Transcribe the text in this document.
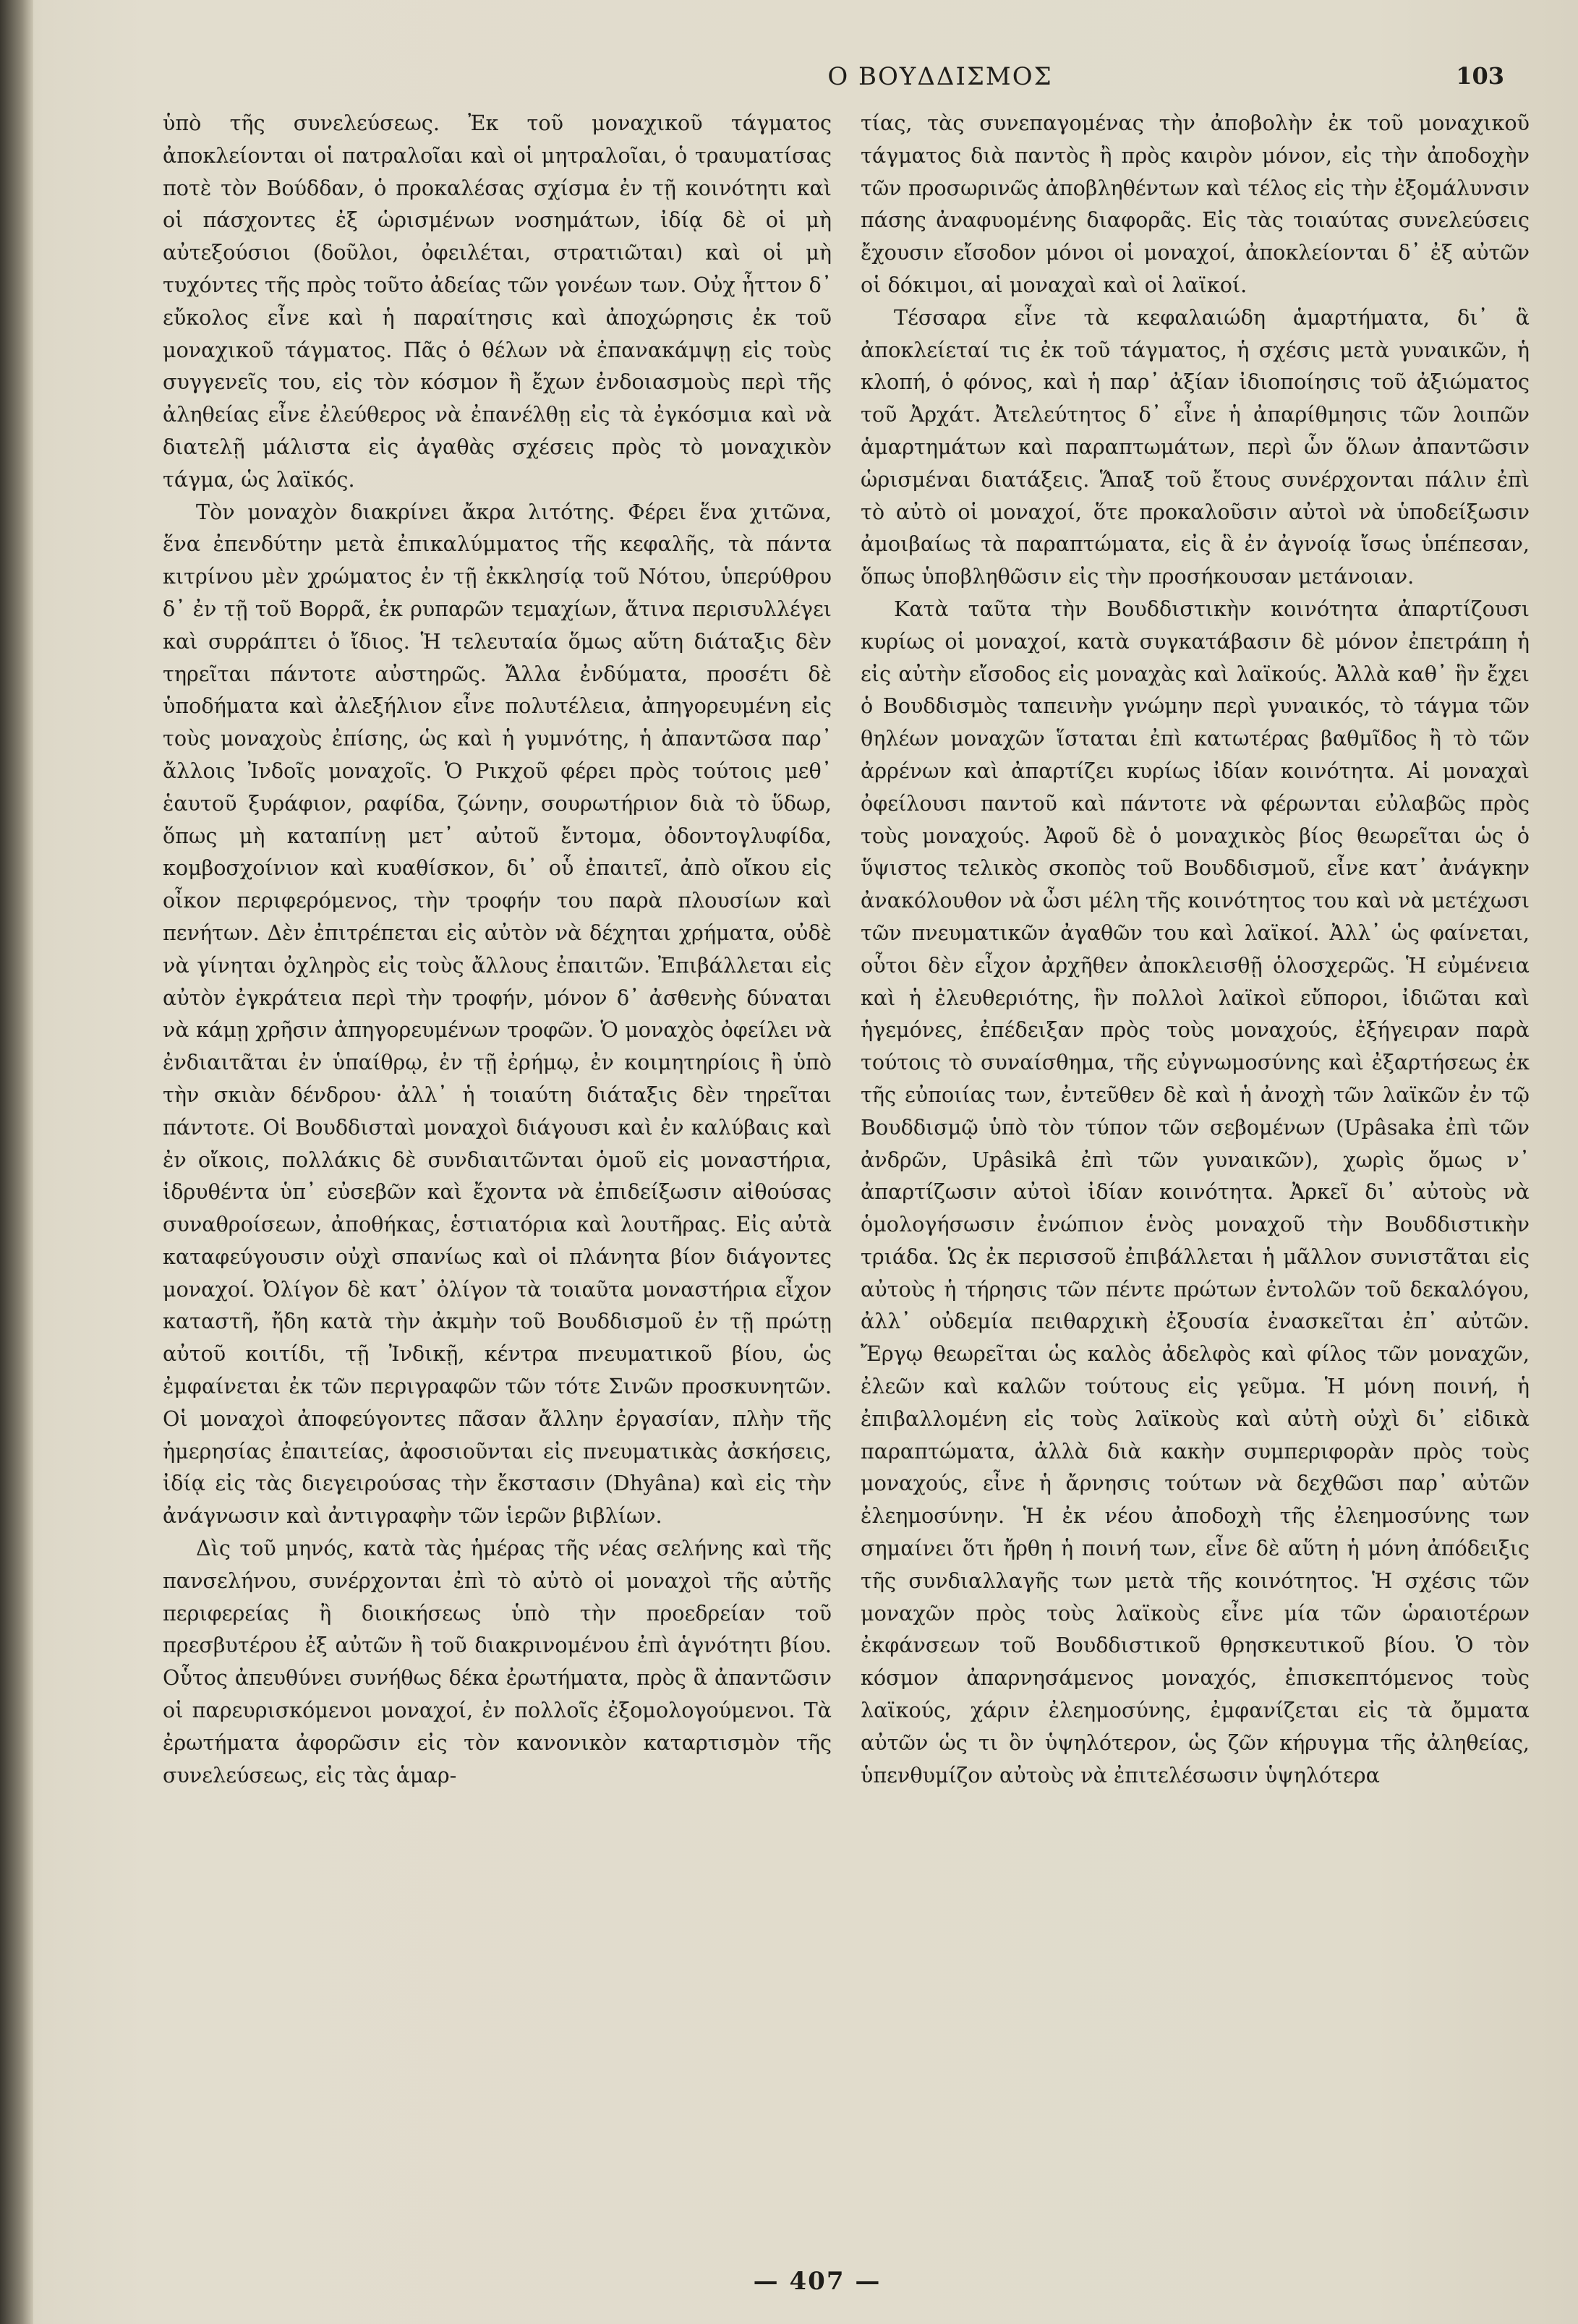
Ο ΒΟΥΔΔΙΣΜΟΣ	103

ὑπὸ τῆς συνελεύσεως. Ἐκ τοῦ μοναχικοῦ τάγματος ἀποκλείονται οἱ πατραλοῖαι καὶ οἱ μητραλοῖαι, ὁ τραυματίσας ποτὲ τὸν Βούδδαν, ὁ προκαλέσας σχίσμα ἐν τῇ κοινότητι καὶ οἱ πάσχοντες ἐξ ὡρισμένων νοσημάτων, ἰδίᾳ δὲ οἱ μὴ αὐτεξούσιοι (δοῦλοι, ὀφειλέται, στρατιῶται) καὶ οἱ μὴ τυχόντες τῆς πρὸς τοῦτο ἀδείας τῶν γονέων των. Οὐχ ἧττον δ᾽ εὔκολος εἶνε καὶ ἡ παραίτησις καὶ ἀποχώρησις ἐκ τοῦ μοναχικοῦ τάγματος. Πᾶς ὁ θέλων νὰ ἐπανακάμψῃ εἰς τοὺς συγγενεῖς του, εἰς τὸν κόσμον ἢ ἔχων ἐνδοιασμοὺς περὶ τῆς ἀληθείας εἶνε ἐλεύθερος νὰ ἐπανέλθῃ εἰς τὰ ἐγκόσμια καὶ νὰ διατελῇ μάλιστα εἰς ἀγαθὰς σχέσεις πρὸς τὸ μοναχικὸν τάγμα, ὡς λαϊκός.

Τὸν μοναχὸν διακρίνει ἄκρα λιτότης. Φέρει ἕνα χιτῶνα, ἕνα ἐπενδύτην μετὰ ἐπικαλύμματος τῆς κεφαλῆς, τὰ πάντα κιτρίνου μὲν χρώματος ἐν τῇ ἐκκλησίᾳ τοῦ Νότου, ὑπερύθρου δ᾽ ἐν τῇ τοῦ Βορρᾶ, ἐκ ρυπαρῶν τεμαχίων, ἅτινα περισυλλέγει καὶ συρράπτει ὁ ἴδιος. Ἡ τελευταία ὅμως αὕτη διάταξις δὲν τηρεῖται πάντοτε αὐστηρῶς. Ἄλλα ἐνδύματα, προσέτι δὲ ὑποδήματα καὶ ἀλεξήλιον εἶνε πολυτέλεια, ἀπηγορευμένη εἰς τοὺς μοναχοὺς ἐπίσης, ὡς καὶ ἡ γυμνότης, ἡ ἀπαντῶσα παρ᾽ ἄλλοις Ἰνδοῖς μοναχοῖς. Ὁ Ρικχοῦ φέρει πρὸς τούτοις μεθ᾽ ἑαυτοῦ ξυράφιον, ραφίδα, ζώνην, σουρωτήριον διὰ τὸ ὕδωρ, ὅπως μὴ καταπίνῃ μετ᾽ αὐτοῦ ἔντομα, ὀδοντογλυφίδα, κομβοσχοίνιον καὶ κυαθίσκον, δι᾽ οὗ ἐπαιτεῖ, ἀπὸ οἴκου εἰς οἶκον περιφερόμενος, τὴν τροφήν του παρὰ πλουσίων καὶ πενήτων. Δὲν ἐπιτρέπεται εἰς αὐτὸν νὰ δέχηται χρήματα, οὐδὲ νὰ γίνηται ὀχληρὸς εἰς τοὺς ἄλλους ἐπαιτῶν. Ἐπιβάλλεται εἰς αὐτὸν ἐγκράτεια περὶ τὴν τροφήν, μόνον δ᾽ ἀσθενὴς δύναται νὰ κάμῃ χρῆσιν ἀπηγορευμένων τροφῶν. Ὁ μοναχὸς ὀφείλει νὰ ἐνδιαιτᾶται ἐν ὑπαίθρῳ, ἐν τῇ ἐρήμῳ, ἐν κοιμητηρίοις ἢ ὑπὸ τὴν σκιὰν δένδρου· ἀλλ᾽ ἡ τοιαύτη διάταξις δὲν τηρεῖται πάντοτε. Οἱ Βουδδισταὶ μοναχοὶ διάγουσι καὶ ἐν καλύβαις καὶ ἐν οἴκοις, πολλάκις δὲ συνδιαιτῶνται ὁμοῦ εἰς μοναστήρια, ἱδρυθέντα ὑπ᾽ εὐσεβῶν καὶ ἔχοντα νὰ ἐπιδείξωσιν αἰθούσας συναθροίσεων, ἀποθήκας, ἑστιατόρια καὶ λουτῆρας. Εἰς αὐτὰ καταφεύγουσιν οὐχὶ σπανίως καὶ οἱ πλάνητα βίον διάγοντες μοναχοί. Ὀλίγον δὲ κατ᾽ ὀλίγον τὰ τοιαῦτα μοναστήρια εἶχον καταστῆ, ἤδη κατὰ τὴν ἀκμὴν τοῦ Βουδδισμοῦ ἐν τῇ πρώτῃ αὐτοῦ κοιτίδι, τῇ Ἰνδικῇ, κέντρα πνευματικοῦ βίου, ὡς ἐμφαίνεται ἐκ τῶν περιγραφῶν τῶν τότε Σινῶν προσκυνητῶν. Οἱ μοναχοὶ ἀποφεύγοντες πᾶσαν ἄλλην ἐργασίαν, πλὴν τῆς ἡμερησίας ἐπαιτείας, ἀφοσιοῦνται εἰς πνευματικὰς ἀσκήσεις, ἰδίᾳ εἰς τὰς διεγειρούσας τὴν ἔκστασιν (Dhyâna) καὶ εἰς τὴν ἀνάγνωσιν καὶ ἀντιγραφὴν τῶν ἱερῶν βιβλίων.

Δὶς τοῦ μηνός, κατὰ τὰς ἡμέρας τῆς νέας σελήνης καὶ τῆς πανσελήνου, συνέρχονται ἐπὶ τὸ αὐτὸ οἱ μοναχοὶ τῆς αὐτῆς περιφερείας ἢ διοικήσεως ὑπὸ τὴν προεδρείαν τοῦ πρεσβυτέρου ἐξ αὐτῶν ἢ τοῦ διακρινομένου ἐπὶ ἁγνότητι βίου. Οὗτος ἀπευθύνει συνήθως δέκα ἐρωτήματα, πρὸς ἃ ἀπαντῶσιν οἱ παρευρισκόμενοι μοναχοί, ἐν πολλοῖς ἐξομολογούμενοι. Τὰ ἐρωτήματα ἀφορῶσιν εἰς τὸν κανονικὸν καταρτισμὸν τῆς συνελεύσεως, εἰς τὰς ἁμαρ-

τίας, τὰς συνεπαγομένας τὴν ἀποβολὴν ἐκ τοῦ μοναχικοῦ τάγματος διὰ παντὸς ἢ πρὸς καιρὸν μόνον, εἰς τὴν ἀποδοχὴν τῶν προσωρινῶς ἀποβληθέντων καὶ τέλος εἰς τὴν ἐξομάλυνσιν πάσης ἀναφυομένης διαφορᾶς. Εἰς τὰς τοιαύτας συνελεύσεις ἔχουσιν εἴσοδον μόνοι οἱ μοναχοί, ἀποκλείονται δ᾽ ἐξ αὐτῶν οἱ δόκιμοι, αἱ μοναχαὶ καὶ οἱ λαϊκοί.

Τέσσαρα εἶνε τὰ κεφαλαιώδη ἁμαρτήματα, δι᾽ ἃ ἀποκλείεταί τις ἐκ τοῦ τάγματος, ἡ σχέσις μετὰ γυναικῶν, ἡ κλοπή, ὁ φόνος, καὶ ἡ παρ᾽ ἀξίαν ἰδιοποίησις τοῦ ἀξιώματος τοῦ Ἀρχάτ. Ἀτελεύτητος δ᾽ εἶνε ἡ ἀπαρίθμησις τῶν λοιπῶν ἁμαρτημάτων καὶ παραπτωμάτων, περὶ ὧν ὅλων ἀπαντῶσιν ὡρισμέναι διατάξεις. Ἅπαξ τοῦ ἔτους συνέρχονται πάλιν ἐπὶ τὸ αὐτὸ οἱ μοναχοί, ὅτε προκαλοῦσιν αὐτοὶ νὰ ὑποδείξωσιν ἀμοιβαίως τὰ παραπτώματα, εἰς ἃ ἐν ἀγνοίᾳ ἴσως ὑπέπεσαν, ὅπως ὑποβληθῶσιν εἰς τὴν προσήκουσαν μετάνοιαν.

Κατὰ ταῦτα τὴν Βουδδιστικὴν κοινότητα ἀπαρτίζουσι κυρίως οἱ μοναχοί, κατὰ συγκατάβασιν δὲ μόνον ἐπετράπη ἡ εἰς αὐτὴν εἴσοδος εἰς μοναχὰς καὶ λαϊκούς. Ἀλλὰ καθ᾽ ἣν ἔχει ὁ Βουδδισμὸς ταπεινὴν γνώμην περὶ γυναικός, τὸ τάγμα τῶν θηλέων μοναχῶν ἵσταται ἐπὶ κατωτέρας βαθμῖδος ἢ τὸ τῶν ἀρρένων καὶ ἀπαρτίζει κυρίως ἰδίαν κοινότητα. Αἱ μοναχαὶ ὀφείλουσι παντοῦ καὶ πάντοτε νὰ φέρωνται εὐλαβῶς πρὸς τοὺς μοναχούς. Ἀφοῦ δὲ ὁ μοναχικὸς βίος θεωρεῖται ὡς ὁ ὕψιστος τελικὸς σκοπὸς τοῦ Βουδδισμοῦ, εἶνε κατ᾽ ἀνάγκην ἀνακόλουθον νὰ ὦσι μέλη τῆς κοινότητος του καὶ νὰ μετέχωσι τῶν πνευματικῶν ἀγαθῶν του καὶ λαϊκοί. Ἀλλ᾽ ὡς φαίνεται, οὗτοι δὲν εἶχον ἀρχῆθεν ἀποκλεισθῇ ὁλοσχερῶς. Ἡ εὐμένεια καὶ ἡ ἐλευθεριότης, ἣν πολλοὶ λαϊκοὶ εὔποροι, ἰδιῶται καὶ ἡγεμόνες, ἐπέδειξαν πρὸς τοὺς μοναχούς, ἐξήγειραν παρὰ τούτοις τὸ συναίσθημα, τῆς εὐγνωμοσύνης καὶ ἐξαρτήσεως ἐκ τῆς εὐποιίας των, ἐντεῦθεν δὲ καὶ ἡ ἀνοχὴ τῶν λαϊκῶν ἐν τῷ Βουδδισμῷ ὑπὸ τὸν τύπον τῶν σεβομένων (Upâsaka ἐπὶ τῶν ἀνδρῶν, Upâsikâ ἐπὶ τῶν γυναικῶν), χωρὶς ὅμως ν᾽ ἀπαρτίζωσιν αὐτοὶ ἰδίαν κοινότητα. Ἀρκεῖ δι᾽ αὐτοὺς νὰ ὁμολογήσωσιν ἐνώπιον ἑνὸς μοναχοῦ τὴν Βουδδιστικὴν τριάδα. Ὡς ἐκ περισσοῦ ἐπιβάλλεται ἡ μᾶλλον συνιστᾶται εἰς αὐτοὺς ἡ τήρησις τῶν πέντε πρώτων ἐντολῶν τοῦ δεκαλόγου, ἀλλ᾽ οὐδεμία πειθαρχικὴ ἐξουσία ἐνασκεῖται ἐπ᾽ αὐτῶν. Ἔργῳ θεωρεῖται ὡς καλὸς ἀδελφὸς καὶ φίλος τῶν μοναχῶν, ἐλεῶν καὶ καλῶν τούτους εἰς γεῦμα. Ἡ μόνη ποινή, ἡ ἐπιβαλλομένη εἰς τοὺς λαϊκοὺς καὶ αὐτὴ οὐχὶ δι᾽ εἰδικὰ παραπτώματα, ἀλλὰ διὰ κακὴν συμπεριφορὰν πρὸς τοὺς μοναχούς, εἶνε ἡ ἄρνησις τούτων νὰ δεχθῶσι παρ᾽ αὐτῶν ἐλεημοσύνην. Ἡ ἐκ νέου ἀποδοχὴ τῆς ἐλεημοσύνης των σημαίνει ὅτι ἤρθη ἡ ποινή των, εἶνε δὲ αὕτη ἡ μόνη ἀπόδειξις τῆς συνδιαλλαγῆς των μετὰ τῆς κοινότητος. Ἡ σχέσις τῶν μοναχῶν πρὸς τοὺς λαϊκοὺς εἶνε μία τῶν ὡραιοτέρων ἐκφάνσεων τοῦ Βουδδιστικοῦ θρησκευτικοῦ βίου. Ὁ τὸν κόσμον ἀπαρνησάμενος μοναχός, ἐπισκεπτόμενος τοὺς λαϊκούς, χάριν ἐλεημοσύνης, ἐμφανίζεται εἰς τὰ ὄμματα αὐτῶν ὡς τι ὂν ὑψηλότερον, ὡς ζῶν κήρυγμα τῆς ἀληθείας, ὑπενθυμίζον αὐτοὺς νὰ ἐπιτελέσωσιν ὑψηλότερα

— 407 —
